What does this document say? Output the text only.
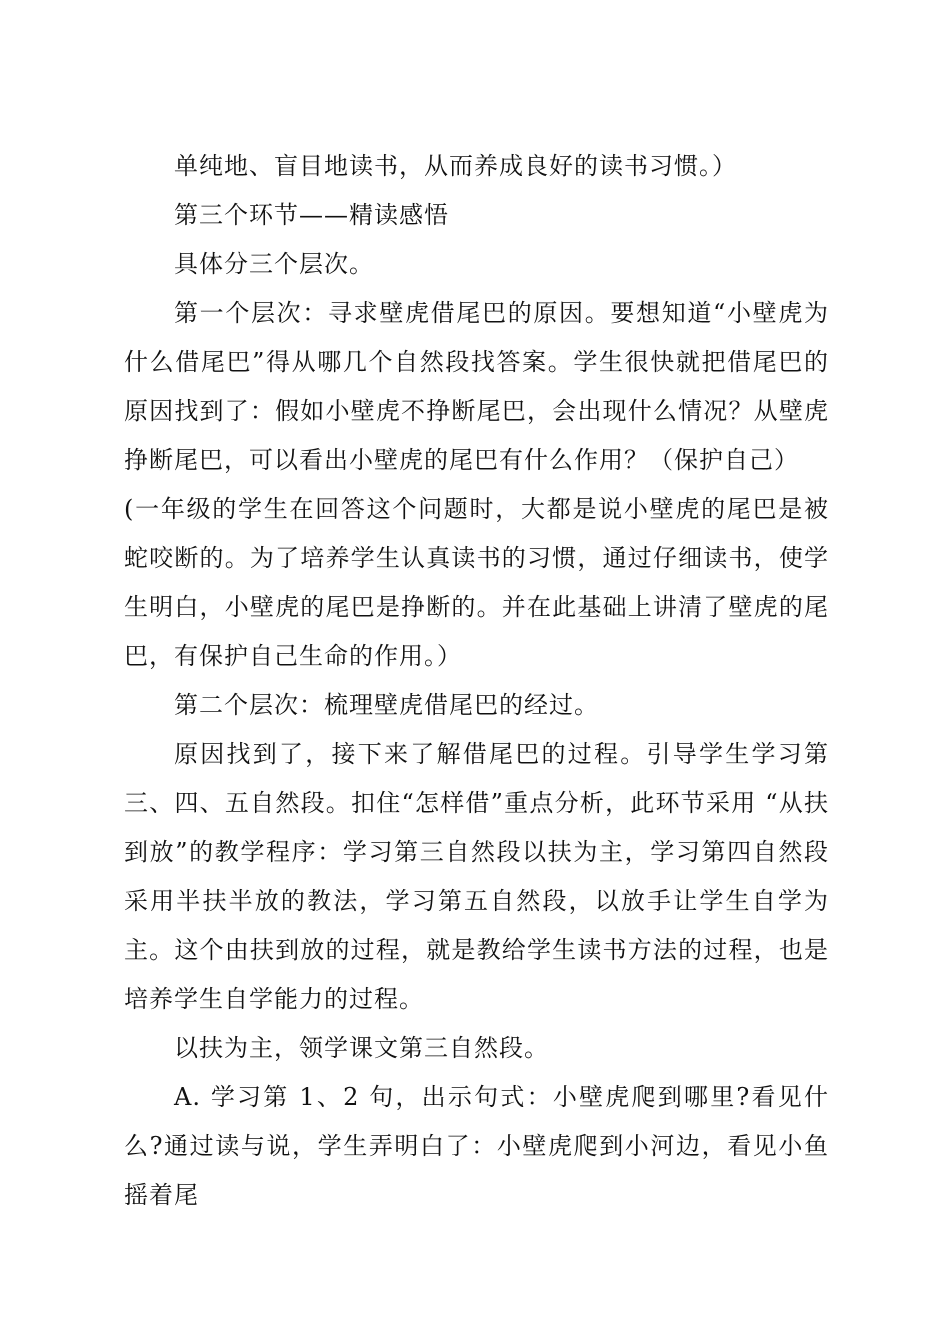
单纯地、盲目地读书，从而养成良好的读书习惯。）

第三个环节——精读感悟

具体分三个层次。

第一个层次：寻求壁虎借尾巴的原因。要想知道“小壁虎为什么借尾巴”得从哪几个自然段找答案。学生很快就把借尾巴的原因找到了：假如小壁虎不挣断尾巴，会出现什么情况？从壁虎挣断尾巴，可以看出小壁虎的尾巴有什么作用？（保护自己）

(一年级的学生在回答这个问题时，大都是说小壁虎的尾巴是被蛇咬断的。为了培养学生认真读书的习惯，通过仔细读书，使学生明白，小壁虎的尾巴是挣断的。并在此基础上讲清了壁虎的尾巴，有保护自己生命的作用。）

第二个层次：梳理壁虎借尾巴的经过。

原因找到了，接下来了解借尾巴的过程。引导学生学习第三、四、五自然段。扣住“怎样借”重点分析，此环节采用 “从扶到放”的教学程序：学习第三自然段以扶为主，学习第四自然段采用半扶半放的教法，学习第五自然段，以放手让学生自学为主。这个由扶到放的过程，就是教给学生读书方法的过程，也是培养学生自学能力的过程。

以扶为主，领学课文第三自然段。

A. 学习第 1、2 句，出示句式：小壁虎爬到哪里?看见什么?通过读与说，学生弄明白了：小壁虎爬到小河边，看见小鱼摇着尾
